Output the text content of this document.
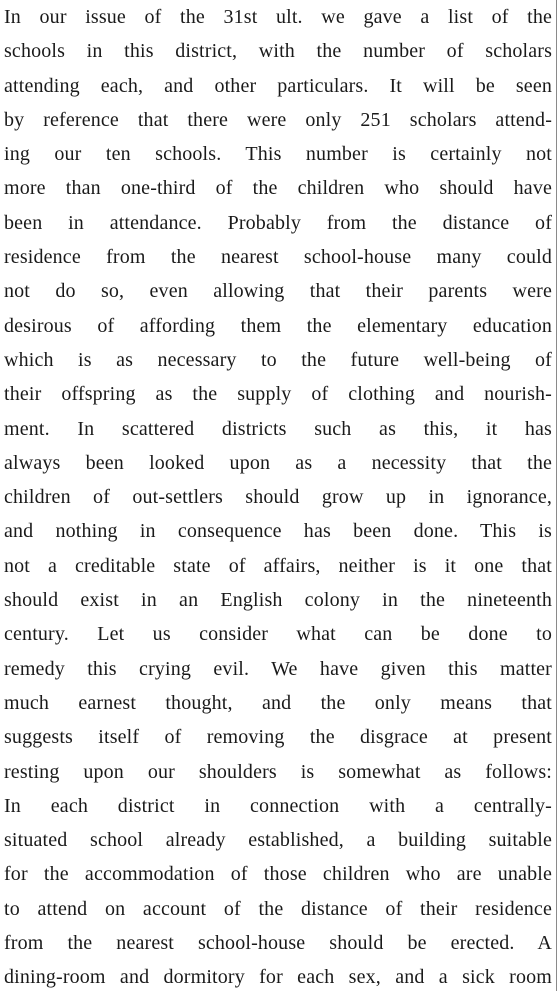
In our issue of the 31st ult. we gave a list of the
schools in this district, with the number of scholars
attending each, and other particulars. It will be seen
by reference that there were only 251 scholars attend-
ing our ten schools. This number is certainly not
more than one-third of the children who should have
been in attendance. Probably from the distance of
residence from the nearest school-house many could
not do so, even allowing that their parents were
desirous of affording them the elementary education
which is as necessary to the future well-being of
their offspring as the supply of clothing and nourish-
ment. In scattered districts such as this, it has
always been looked upon as a necessity that the
children of out-settlers should grow up in ignorance,
and nothing in consequence has been done. This is
not a creditable state of affairs, neither is it one that
should exist in an English colony in the nineteenth
century. Let us consider what can be done to
remedy this crying evil. We have given this matter
much earnest thought, and the only means that
suggests itself of removing the disgrace at present
resting upon our shoulders is somewhat as follows:
In each district in connection with a centrally-
situated school already established, a building suitable
for the accommodation of those children who are unable
to attend on account of the distance of their residence
from the nearest school-house should be erected. A
dining-room and dormitory for each sex, and a sick room
